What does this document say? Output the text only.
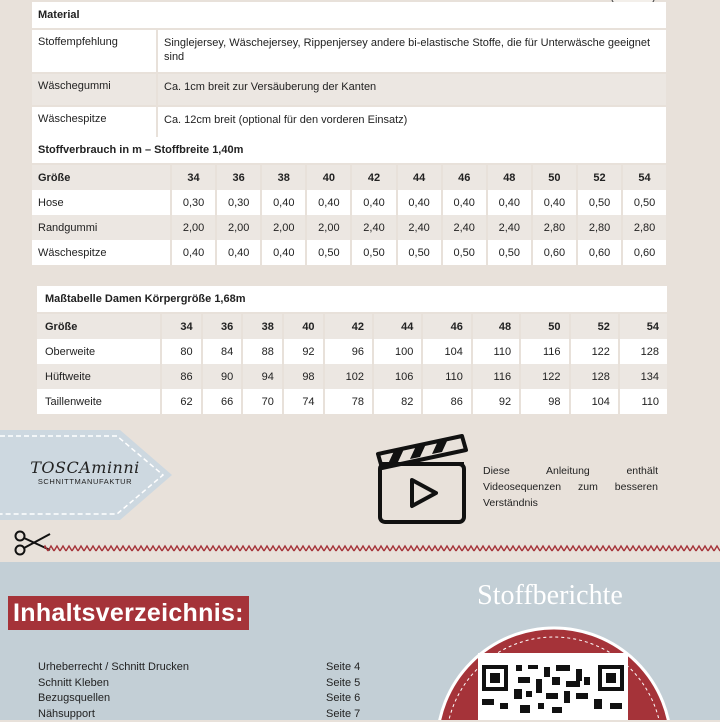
Material	
Stoffempfehlung	Singlejersey, Wäschejersey, Rippenjersey andere bi-elastische Stoffe, die für Unterwäsche geeignet sind
Wäschegummi	Ca. 1cm breit zur Versäuberung der Kanten
Wäschespitze	Ca. 12cm breit (optional für den vorderen Einsatz)
Stoffverbrauch in m – Stoffbreite 1,40m											
Größe	34	36	38	40	42	44	46	48	50	52	54
Hose	0,30	0,30	0,40	0,40	0,40	0,40	0,40	0,40	0,40	0,50	0,50
Randgummi	2,00	2,00	2,00	2,00	2,40	2,40	2,40	2,40	2,80	2,80	2,80
Wäschespitze	0,40	0,40	0,40	0,50	0,50	0,50	0,50	0,50	0,60	0,60	0,60
Maßtabelle Damen Körpergröße 1,68m											
Größe	34	36	38	40	42	44	46	48	50	52	54
Oberweite	80	84	88	92	96	100	104	110	116	122	128
Hüftweite	86	90	94	98	102	106	110	116	122	128	134
Taillenweite	62	66	70	74	78	82	86	92	98	104	110
TOSCAminni
SCHNITTMANUFAKTUR
Diese Anleitung enthält Videosequenzen zum besseren Verständnis
Inhaltsverzeichnis:
Urheberrecht / Schnitt Drucken	Seite 4
Schnitt Kleben	Seite 5
Bezugsquellen	Seite 6
Nähsupport	Seite 7
Stoffberichte
